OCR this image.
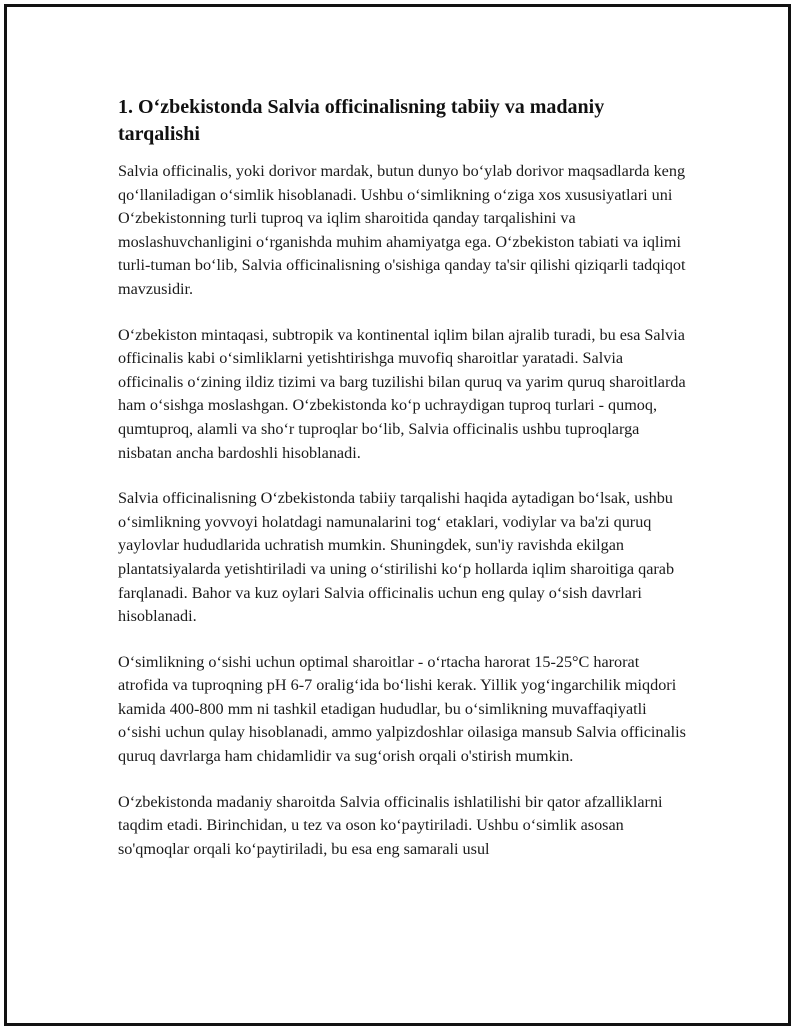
1. O‘zbekistonda Salvia officinalisning tabiiy va madaniy tarqalishi

Salvia officinalis, yoki dorivor mardak, butun dunyo bo‘ylab dorivor maqsadlarda keng qo‘llaniladigan o‘simlik hisoblanadi. Ushbu o‘simlikning o‘ziga xos xususiyatlari uni O‘zbekistonning turli tuproq va iqlim sharoitida qanday tarqalishini va moslashuvchanligini o‘rganishda muhim ahamiyatga ega. O‘zbekiston tabiati va iqlimi turli-tuman bo‘lib, Salvia officinalisning o'sishiga qanday ta'sir qilishi qiziqarli tadqiqot mavzusidir.

O‘zbekiston mintaqasi, subtropik va kontinental iqlim bilan ajralib turadi, bu esa Salvia officinalis kabi o‘simliklarni yetishtirishga muvofiq sharoitlar yaratadi. Salvia officinalis o‘zining ildiz tizimi va barg tuzilishi bilan quruq va yarim quruq sharoitlarda ham o‘sishga moslashgan. O‘zbekistonda ko‘p uchraydigan tuproq turlari - qumoq, qumtuproq, alamli va sho‘r tuproqlar bo‘lib, Salvia officinalis ushbu tuproqlarga nisbatan ancha bardoshli hisoblanadi.

Salvia officinalisning O‘zbekistonda tabiiy tarqalishi haqida aytadigan bo‘lsak, ushbu o‘simlikning yovvoyi holatdagi namunalarini tog‘ etaklari, vodiylar va ba'zi quruq yaylovlar hududlarida uchratish mumkin. Shuningdek, sun'iy ravishda ekilgan plantatsiyalarda yetishtiriladi va uning o‘stirilishi ko‘p hollarda iqlim sharoitiga qarab farqlanadi. Bahor va kuz oylari Salvia officinalis uchun eng qulay o‘sish davrlari hisoblanadi.

O‘simlikning o‘sishi uchun optimal sharoitlar - o‘rtacha harorat 15-25°C harorat atrofida va tuproqning pH 6-7 oralig‘ida bo‘lishi kerak. Yillik yog‘ingarchilik miqdori kamida 400-800 mm ni tashkil etadigan hududlar, bu o‘simlikning muvaffaqiyatli o‘sishi uchun qulay hisoblanadi, ammo yalpizdoshlar oilasiga mansub Salvia officinalis quruq davrlarga ham chidamlidir va sug‘orish orqali o'stirish mumkin.

O‘zbekistonda madaniy sharoitda Salvia officinalis ishlatilishi bir qator afzalliklarni taqdim etadi. Birinchidan, u tez va oson ko‘paytiriladi. Ushbu o‘simlik asosan so'qmoqlar orqali ko‘paytiriladi, bu esa eng samarali usul
